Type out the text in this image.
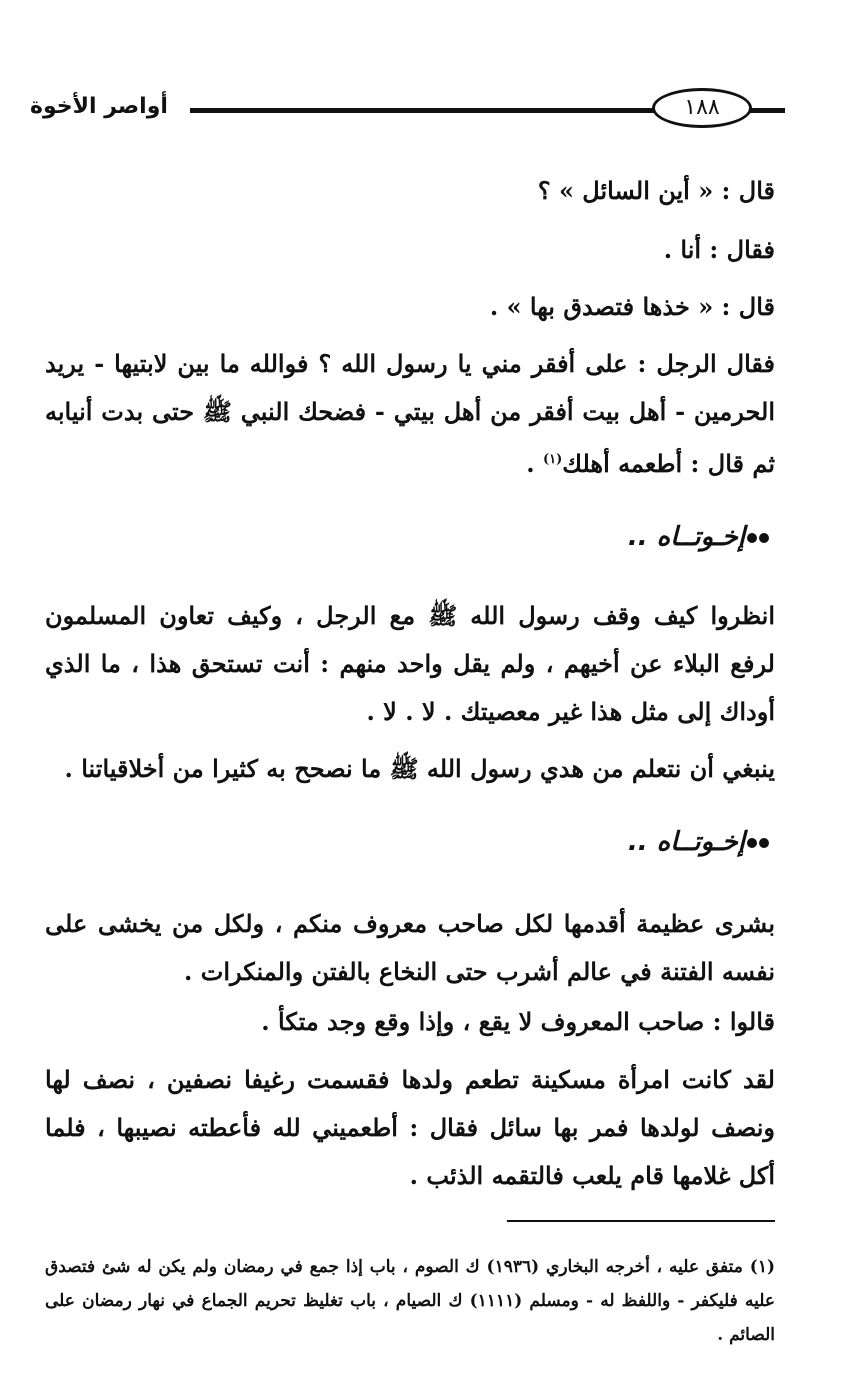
أواصر الأخوة	١٨٨
قال : « أين السائل » ؟
فقال : أنا .
قال : « خذها فتصدق بها » .
فقال الرجل : على أفقر مني يا رسول الله ؟ فوالله ما بين لابتيها - يريد الحرمين - أهل بيت أفقر من أهل بيتي - فضحك النبي ﷺ حتى بدت أنيابه ثم قال : أطعمه أهلك$^{(١)}$ .
إخـوتــاه ..
انظروا كيف وقف رسول الله ﷺ مع الرجل ، وكيف تعاون المسلمون لرفع البلاء عن أخيهم ، ولم يقل واحد منهم : أنت تستحق هذا ، ما الذي أوداك إلى مثل هذا غير معصيتك . لا . لا .
ينبغي أن نتعلم من هدي رسول الله ﷺ ما نصحح به كثيرا من أخلاقياتنا .
إخـوتــاه ..
بشرى عظيمة أقدمها لكل صاحب معروف منكم ، ولكل من يخشى على نفسه الفتنة في عالم أشرب حتى النخاع بالفتن والمنكرات .
قالوا : صاحب المعروف لا يقع ، وإذا وقع وجد متكأ .
لقد كانت امرأة مسكينة تطعم ولدها فقسمت رغيفا نصفين ، نصف لها ونصف لولدها فمر بها سائل فقال : أطعميني لله فأعطته نصيبها ، فلما أكل غلامها قام يلعب فالتقمه الذئب .
(١) متفق عليه ، أخرجه البخاري (١٩٣٦) ك الصوم ، باب إذا جمع في رمضان ولم يكن له شئ فتصدق عليه فليكفر - واللفظ له - ومسلم (١١١١) ك الصيام ، باب تغليظ تحريم الجماع في نهار رمضان على الصائم .
